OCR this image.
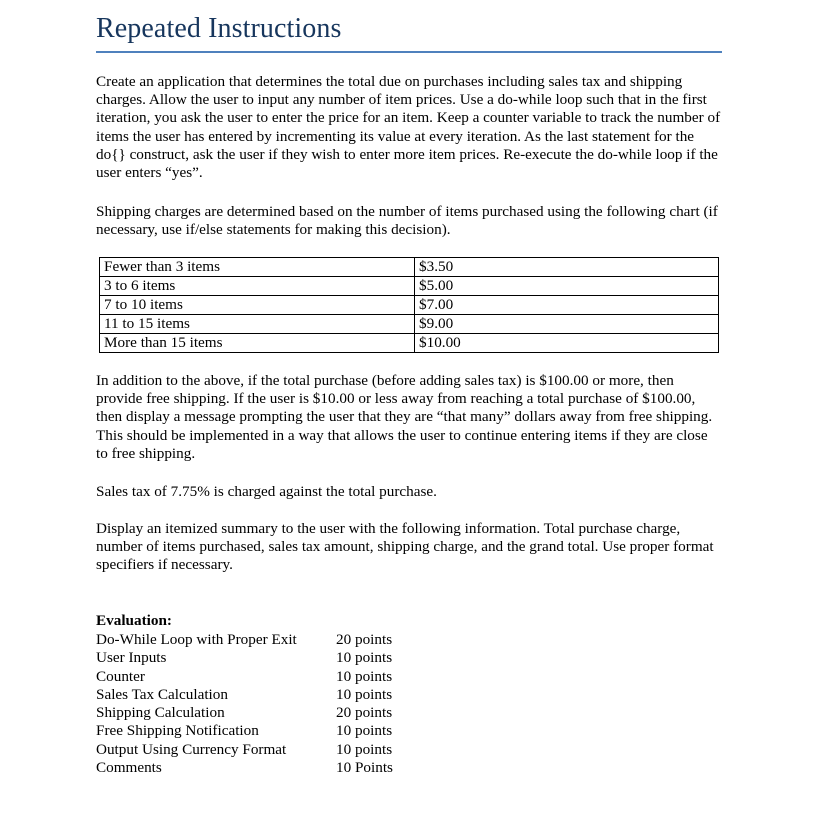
Repeated Instructions

Create an application that determines the total due on purchases including sales tax and shipping charges. Allow the user to input any number of item prices. Use a do-while loop such that in the first iteration, you ask the user to enter the price for an item. Keep a counter variable to track the number of items the user has entered by incrementing its value at every iteration. As the last statement for the do{} construct, ask the user if they wish to enter more item prices. Re-execute the do-while loop if the user enters “yes”.

Shipping charges are determined based on the number of items purchased using the following chart (if necessary, use if/else statements for making this decision).

Fewer than 3 items	$3.50
3 to 6 items	$5.00
7 to 10 items	$7.00
11 to 15 items	$9.00
More than 15 items	$10.00

In addition to the above, if the total purchase (before adding sales tax) is $100.00 or more, then provide free shipping. If the user is $10.00 or less away from reaching a total purchase of $100.00, then display a message prompting the user that they are “that many” dollars away from free shipping. This should be implemented in a way that allows the user to continue entering items if they are close to free shipping.

Sales tax of 7.75% is charged against the total purchase.

Display an itemized summary to the user with the following information. Total purchase charge, number of items purchased, sales tax amount, shipping charge, and the grand total. Use proper format specifiers if necessary.

Evaluation:

Do-While Loop with Proper Exit	20 points
User Inputs	10 points
Counter	10 points
Sales Tax Calculation	10 points
Shipping Calculation	20 points
Free Shipping Notification	10 points
Output Using Currency Format	10 points
Comments	10 Points
